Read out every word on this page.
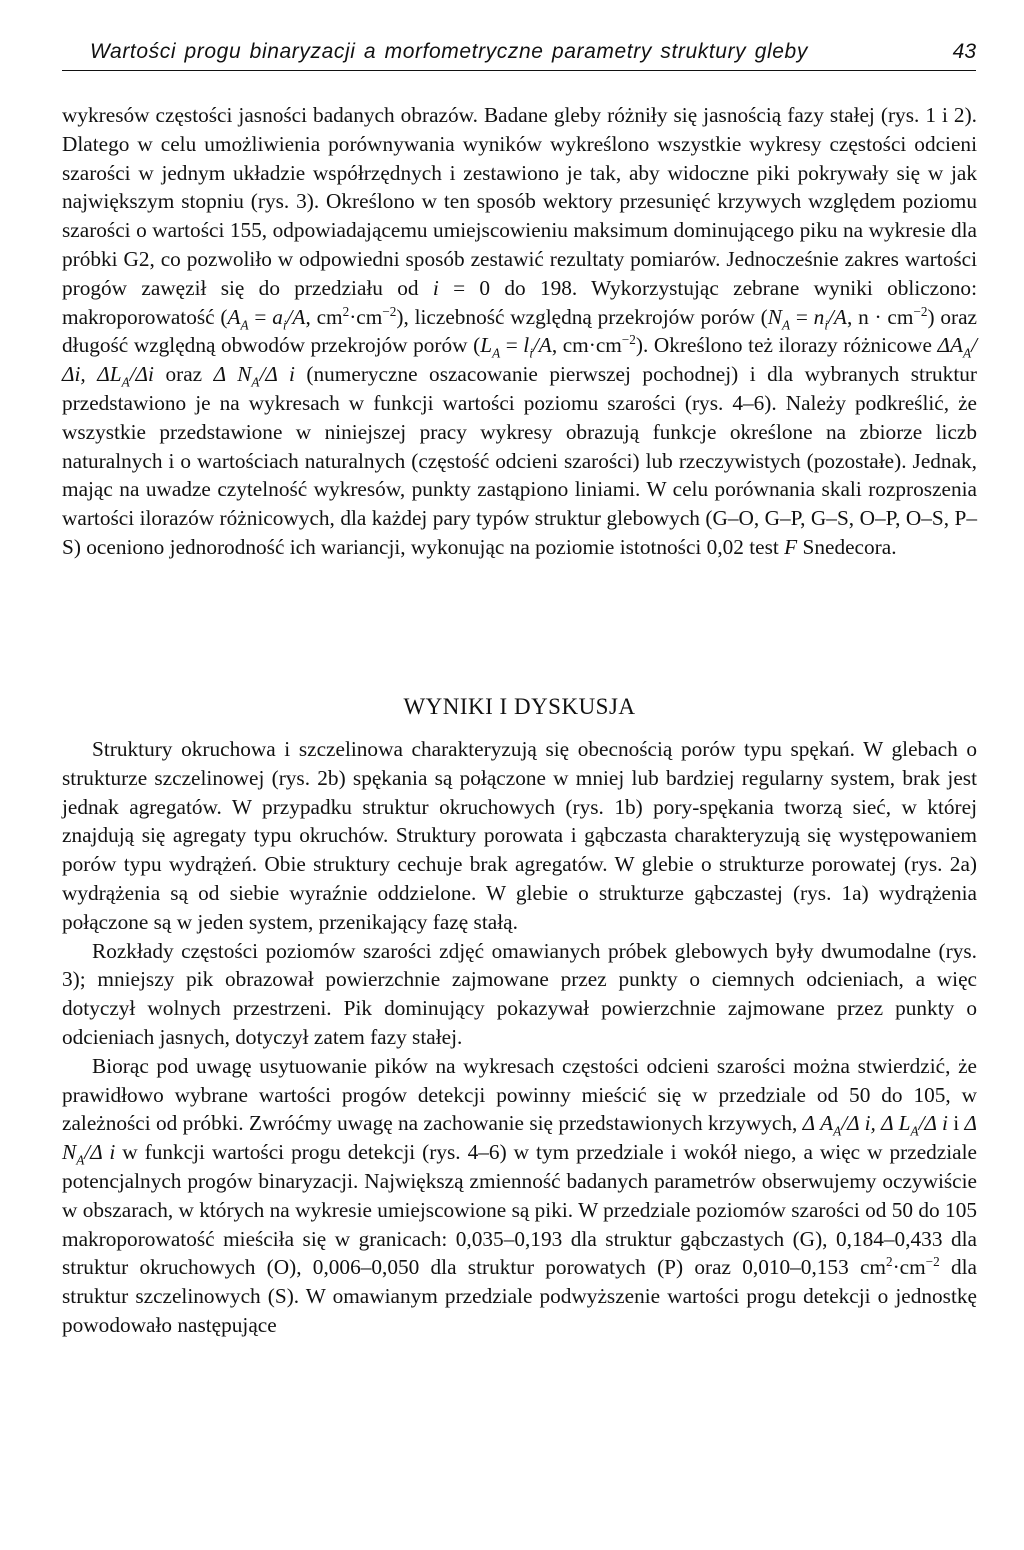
Wartości progu binaryzacji a morfometryczne parametry struktury gleby	43

wykresów częstości jasności badanych obrazów. Badane gleby różniły się jasnością fazy stałej (rys. 1 i 2). Dlatego w celu umożliwienia porównywania wyników wykreślono wszystkie wykresy częstości odcieni szarości w jednym układzie współrzędnych i zestawiono je tak, aby widoczne piki pokrywały się w jak największym stopniu (rys. 3). Określono w ten sposób wektory przesunięć krzywych względem poziomu szarości o wartości 155, odpowiadającemu umiejscowieniu maksimum dominującego piku na wykresie dla próbki G2, co pozwoliło w odpowiedni sposób zestawić rezultaty pomiarów. Jednocześnie zakres wartości progów zawęził się do przedziału od i = 0 do 198. Wykorzystując zebrane wyniki obliczono: makroporowatość ($A_A = a_i/A$, $cm^2\cdot cm^{-2}$), liczebność względną przekrojów porów ($N_A = n_i/A$, $n \cdot cm^{-2}$) oraz długość względną obwodów przekrojów porów ($L_A = l_i/A$, $cm\cdot cm^{-2}$). Określono też ilorazy różnicowe $\Delta A_A/\Delta i$, $\Delta L_A/\Delta i$ oraz Δ $N_A/\Delta$ i (numeryczne oszacowanie pierwszej pochodnej) i dla wybranych struktur przedstawiono je na wykresach w funkcji wartości poziomu szarości (rys. 4–6). Należy podkreślić, że wszystkie przedstawione w niniejszej pracy wykresy obrazują funkcje określone na zbiorze liczb naturalnych i o wartościach naturalnych (częstość odcieni szarości) lub rzeczywistych (pozostałe). Jednak, mając na uwadze czytelność wykresów, punkty zastąpiono liniami. W celu porównania skali rozproszenia wartości ilorazów różnicowych, dla każdej pary typów struktur glebowych (G–O, G–P, G–S, O–P, O–S, P–S) oceniono jednorodność ich wariancji, wykonując na poziomie istotności 0,02 test F Snedecora.

WYNIKI I DYSKUSJA

Struktury okruchowa i szczelinowa charakteryzują się obecnością porów typu spękań. W glebach o strukturze szczelinowej (rys. 2b) spękania są połączone w mniej lub bardziej regularny system, brak jest jednak agregatów. W przypadku struktur okruchowych (rys. 1b) pory-spękania tworzą sieć, w której znajdują się agregaty typu okruchów. Struktury porowata i gąbczasta charakteryzują się występowaniem porów typu wydrążeń. Obie struktury cechuje brak agregatów. W glebie o strukturze porowatej (rys. 2a) wydrążenia są od siebie wyraźnie oddzielone. W glebie o strukturze gąbczastej (rys. 1a) wydrążenia połączone są w jeden system, przenikający fazę stałą.

Rozkłady częstości poziomów szarości zdjęć omawianych próbek glebowych były dwumodalne (rys. 3); mniejszy pik obrazował powierzchnie zajmowane przez punkty o ciemnych odcieniach, a więc dotyczył wolnych przestrzeni. Pik dominujący pokazywał powierzchnie zajmowane przez punkty o odcieniach jasnych, dotyczył zatem fazy stałej.

Biorąc pod uwagę usytuowanie pików na wykresach częstości odcieni szarości można stwierdzić, że prawidłowo wybrane wartości progów detekcji powinny mieścić się w przedziale od 50 do 105, w zależności od próbki. Zwróćmy uwagę na zachowanie się przedstawionych krzywych, Δ $A_A/\Delta$ i, Δ $L_A/\Delta$ i i Δ $N_A/\Delta$ i w funkcji wartości progu detekcji (rys. 4–6) w tym przedziale i wokół niego, a więc w przedziale potencjalnych progów binaryzacji. Największą zmienność badanych parametrów obserwujemy oczywiście w obszarach, w których na wykresie umiejscowione są piki. W przedziale poziomów szarości od 50 do 105 makroporowatość mieściła się w granicach: 0,035–0,193 dla struktur gąbczastych (G), 0,184–0,433 dla struktur okruchowych (O), 0,006–0,050 dla struktur porowatych (P) oraz 0,010–0,153 $cm^2\cdot cm^{-2}$ dla struktur szczelinowych (S). W omawianym przedziale podwyższenie wartości progu detekcji o jednostkę powodowało następujące
